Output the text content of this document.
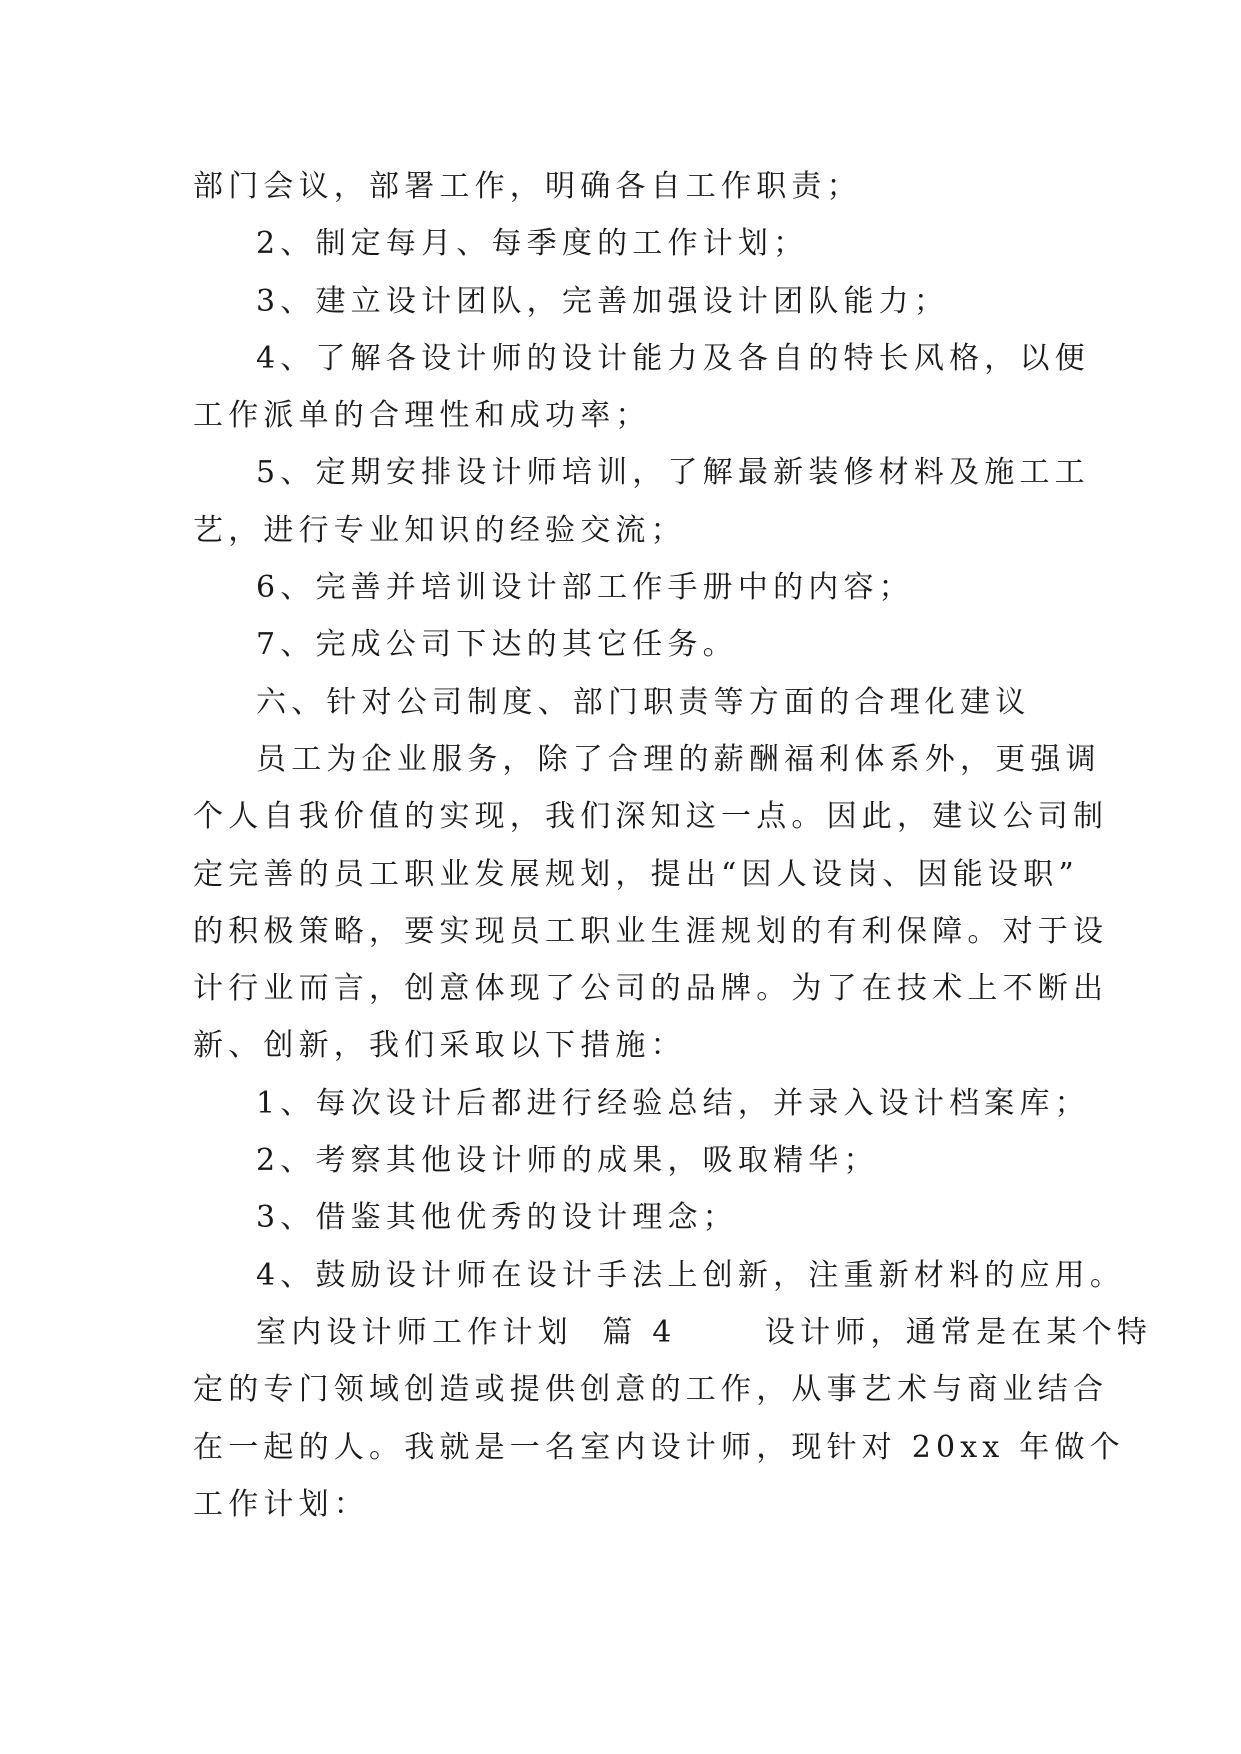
部门会议，部署工作，明确各自工作职责；
2、制定每月、每季度的工作计划；
3、建立设计团队，完善加强设计团队能力；
4、了解各设计师的设计能力及各自的特长风格，以便
工作派单的合理性和成功率；
5、定期安排设计师培训，了解最新装修材料及施工工
艺，进行专业知识的经验交流；
6、完善并培训设计部工作手册中的内容；
7、完成公司下达的其它任务。
六、针对公司制度、部门职责等方面的合理化建议
员工为企业服务，除了合理的薪酬福利体系外，更强调
个人自我价值的实现，我们深知这一点。因此，建议公司制
定完善的员工职业发展规划，提出“因人设岗、因能设职”
的积极策略，要实现员工职业生涯规划的有利保障。对于设
计行业而言，创意体现了公司的品牌。为了在技术上不断出
新、创新，我们采取以下措施：
1、每次设计后都进行经验总结，并录入设计档案库；
2、考察其他设计师的成果，吸取精华；
3、借鉴其他优秀的设计理念；
4、鼓励设计师在设计手法上创新，注重新材料的应用。
室内设计师工作计划  篇 4      设计师，通常是在某个特
定的专门领域创造或提供创意的工作，从事艺术与商业结合
在一起的人。我就是一名室内设计师，现针对 20xx 年做个
工作计划：
